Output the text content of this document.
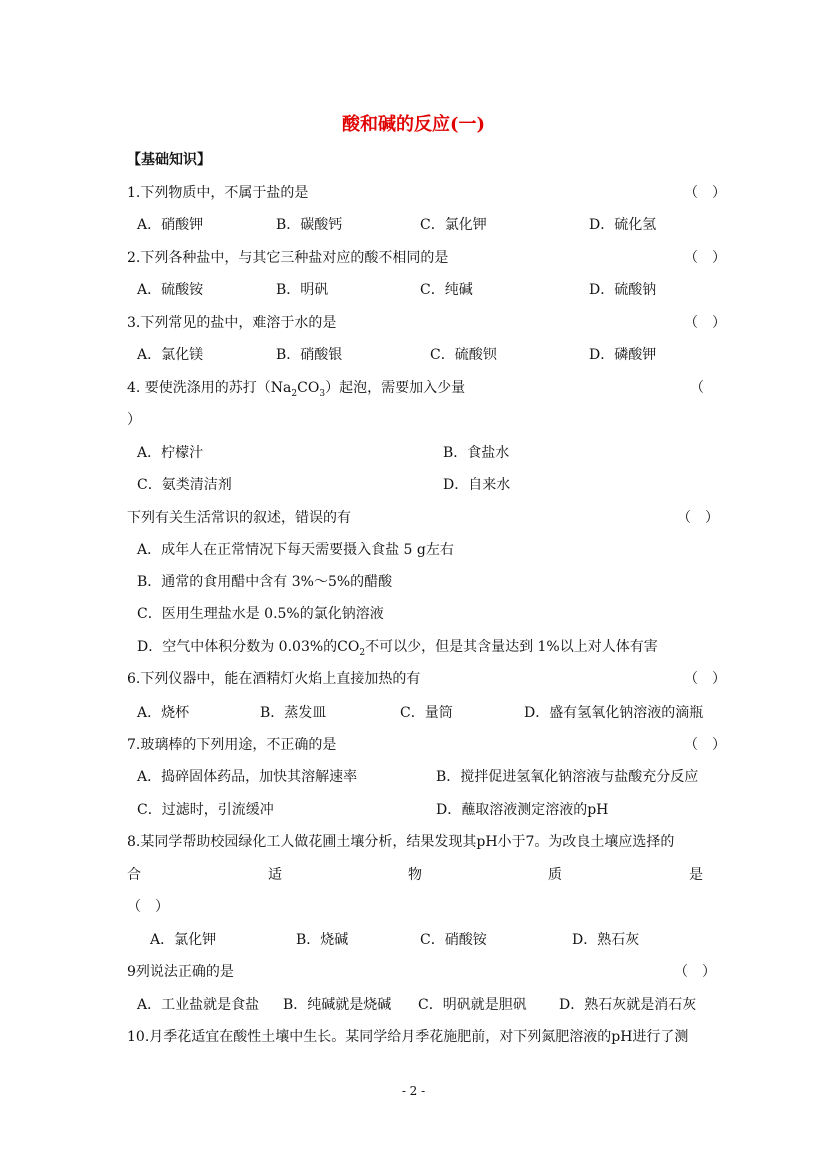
酸和碱的反应(一)
【基础知识】
1.下列物质中，不属于盐的是	（　）
A．硝酸钾	B．碳酸钙	C．氯化钾	D．硫化氢
2.下列各种盐中，与其它三种盐对应的酸不相同的是	（　）
A．硫酸铵	B．明矾	C．纯碱	D．硫酸钠
3.下列常见的盐中，难溶于水的是	（　）
A．氯化镁	B．硝酸银	C．硫酸钡	D．磷酸钾
4. 要使洗涤用的苏打$(Na_2CO_3)$起泡，需要加入少量	（
）
A．柠檬汁	B．食盐水
C．氨类清洁剂	D．自来水
下列有关生活常识的叙述，错误的有	（　）
A．成年人在正常情况下每天需要摄入食盐 5 g左右
B．通常的食用醋中含有 3%～5%的醋酸
C．医用生理盐水是 0.5%的氯化钠溶液
D．空气中体积分数为 0.03%的$CO_2$不可以少，但是其含量达到 1%以上对人体有害
6.下列仪器中，能在酒精灯火焰上直接加热的有	（　）
A．烧杯	B．蒸发皿	C．量筒	D．盛有氢氧化钠溶液的滴瓶
7.玻璃棒的下列用途，不正确的是	（　）
A．捣碎固体药品，加快其溶解速率	B．搅拌促进氢氧化钠溶液与盐酸充分反应
C．过滤时，引流缓冲	D．蘸取溶液测定溶液的pH
8.某同学帮助校园绿化工人做花圃土壤分析，结果发现其pH小于7。为改良土壤应选择的
合	适	物	质	是
（　）
A．氯化钾	B．烧碱	C．硝酸铵	D．熟石灰
9列说法正确的是	（　）
A．工业盐就是食盐 B．纯碱就是烧碱 C．明矾就是胆矾 D．熟石灰就是消石灰
10.月季花适宜在酸性土壤中生长。某同学给月季花施肥前，对下列氮肥溶液的pH进行了测
- 2 -
